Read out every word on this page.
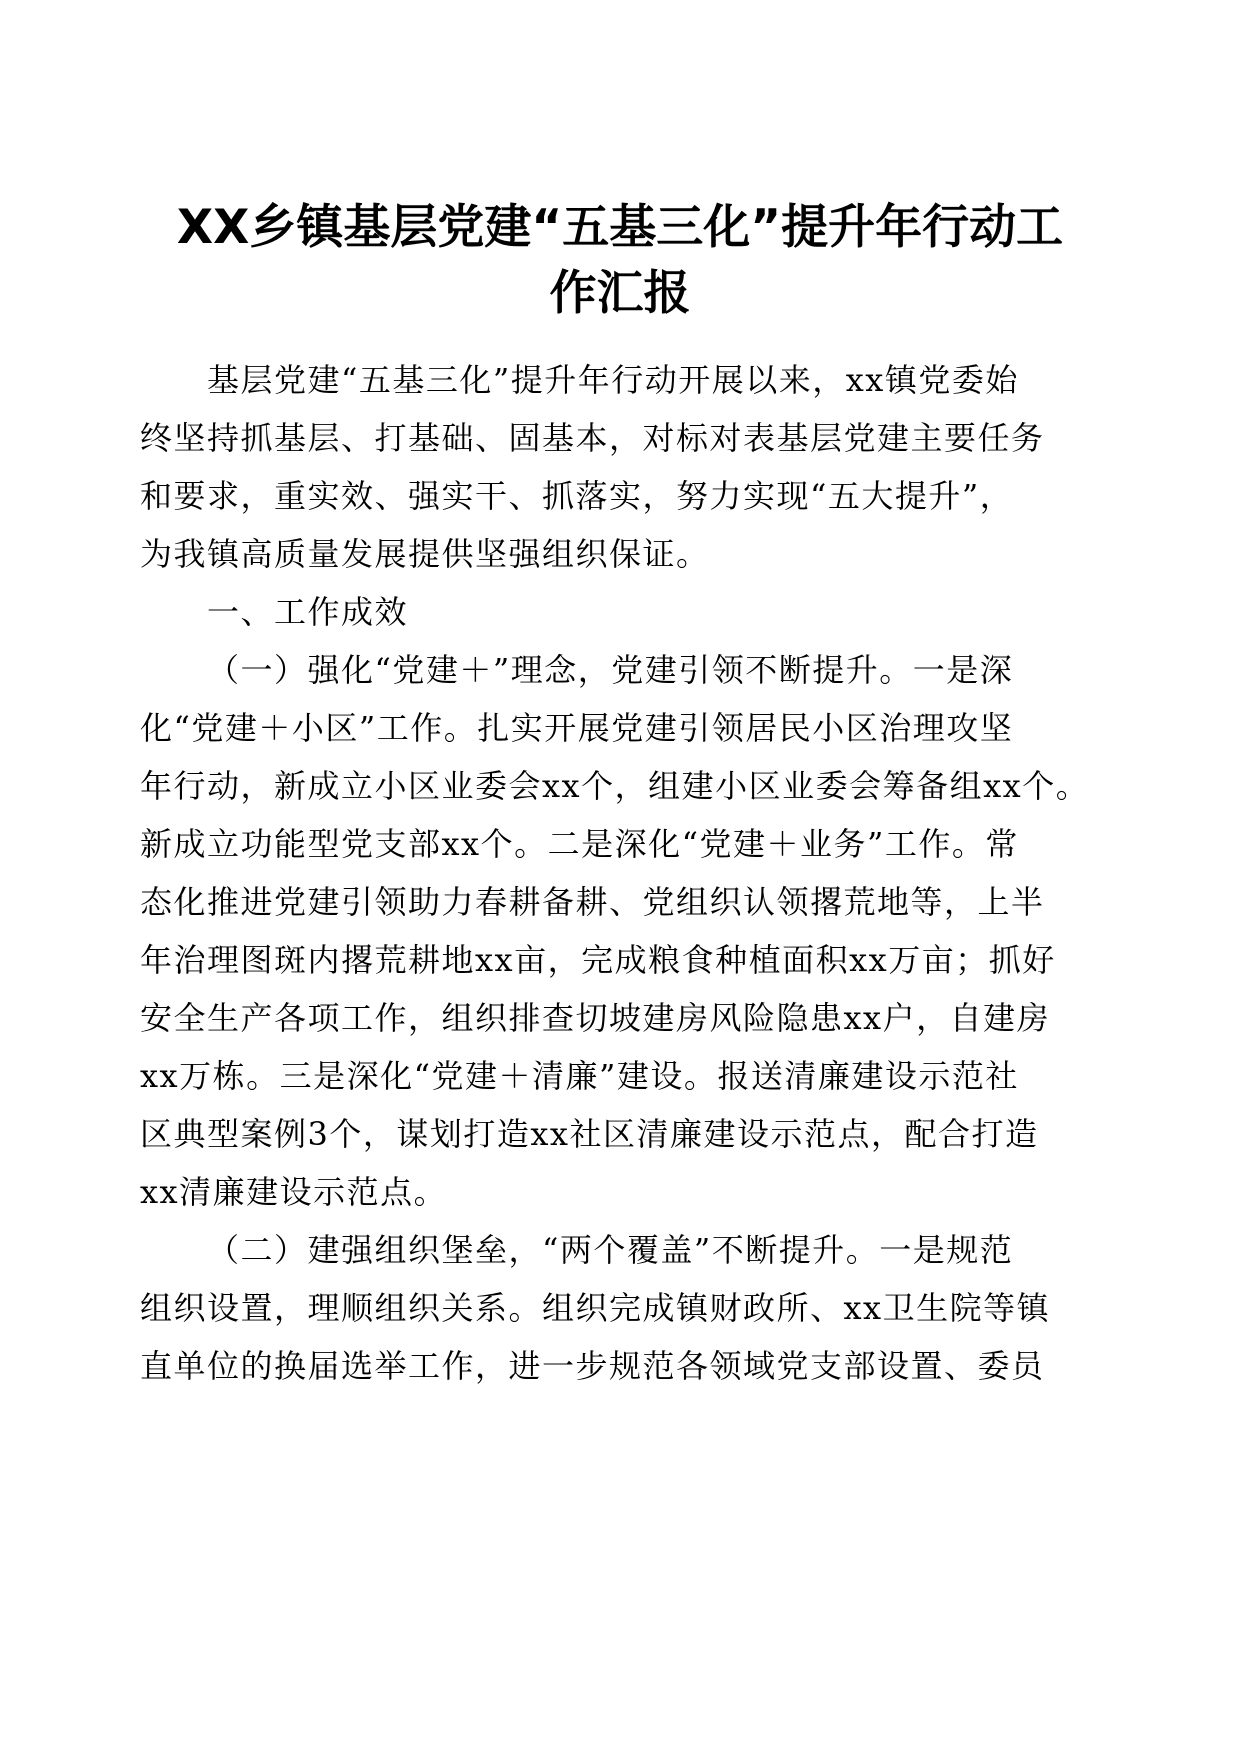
XX乡镇基层党建“五基三化”提升年行动工
作汇报
基层党建“五基三化”提升年行动开展以来，xx镇党委始
终坚持抓基层、打基础、固基本，对标对表基层党建主要任务
和要求，重实效、强实干、抓落实，努力实现“五大提升”，
为我镇高质量发展提供坚强组织保证。
一、工作成效
（一）强化“党建＋”理念，党建引领不断提升。一是深
化“党建＋小区”工作。扎实开展党建引领居民小区治理攻坚
年行动，新成立小区业委会xx个，组建小区业委会筹备组xx个。
新成立功能型党支部xx个。二是深化“党建＋业务”工作。常
态化推进党建引领助力春耕备耕、党组织认领撂荒地等，上半
年治理图斑内撂荒耕地xx亩，完成粮食种植面积xx万亩；抓好
安全生产各项工作，组织排查切坡建房风险隐患xx户，自建房
xx万栋。三是深化“党建＋清廉”建设。报送清廉建设示范社
区典型案例3个，谋划打造xx社区清廉建设示范点，配合打造
xx清廉建设示范点。
（二）建强组织堡垒，“两个覆盖”不断提升。一是规范
组织设置，理顺组织关系。组织完成镇财政所、xx卫生院等镇
直单位的换届选举工作，进一步规范各领域党支部设置、委员
